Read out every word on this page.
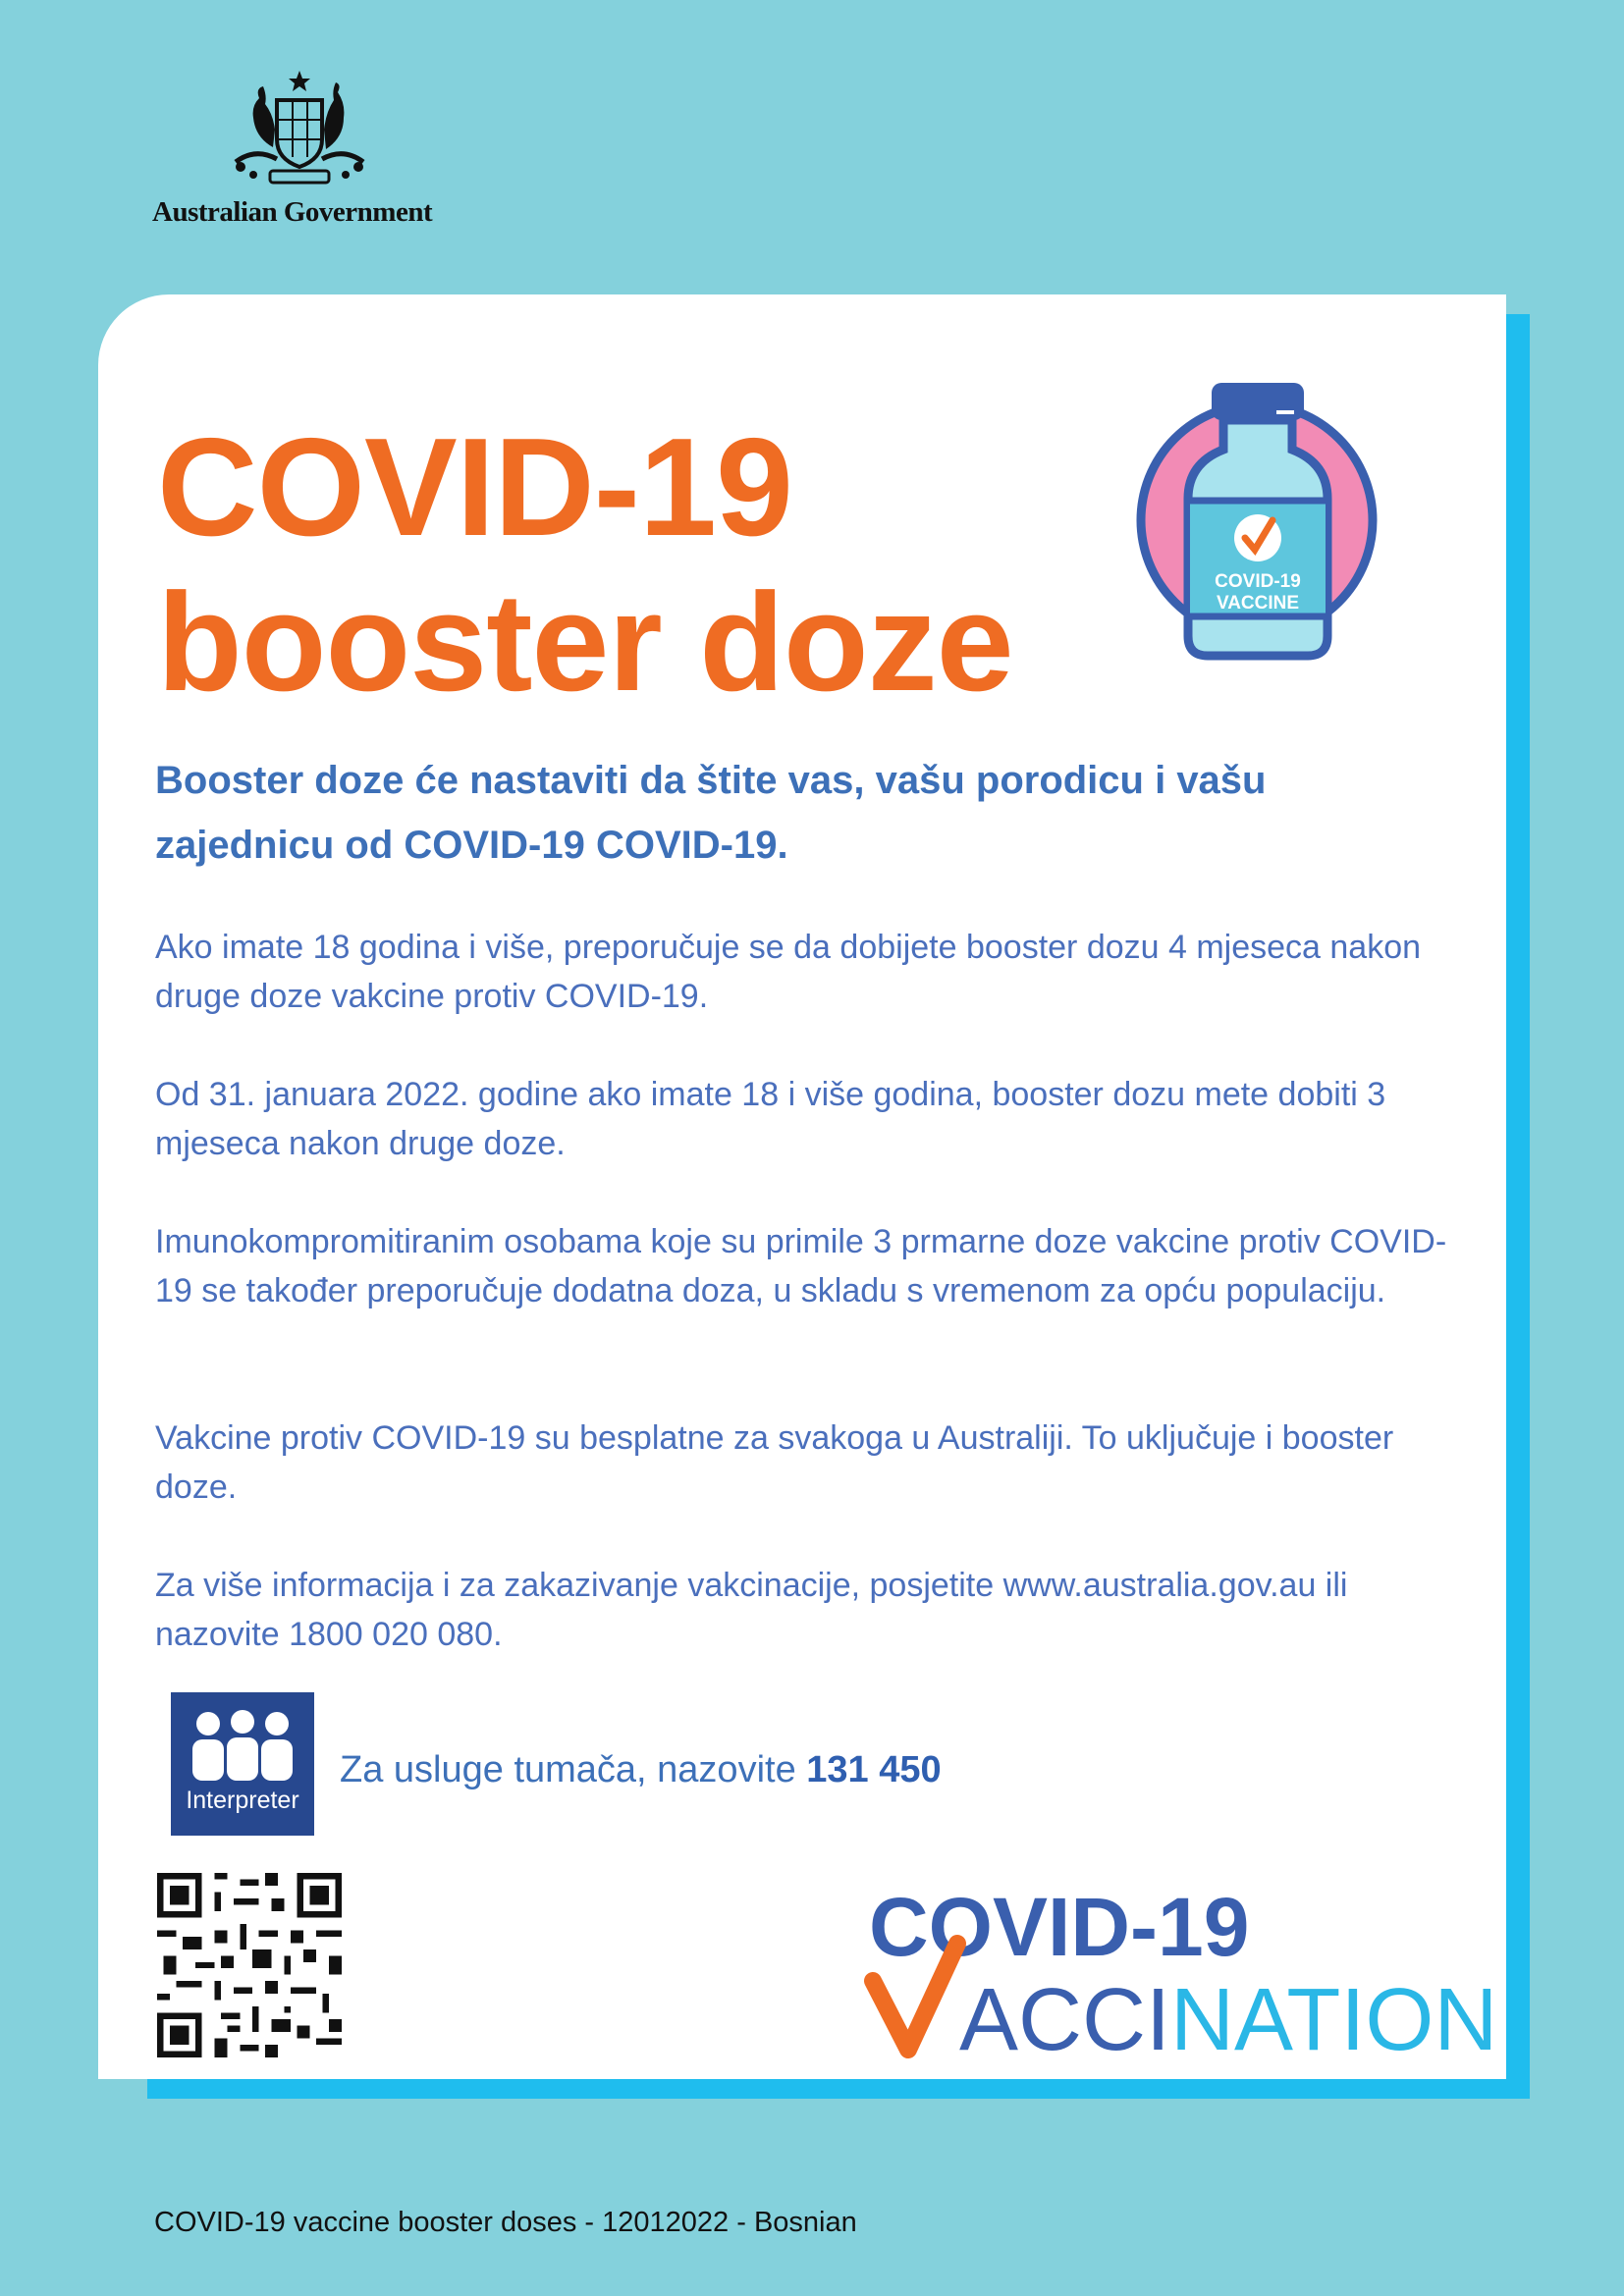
Australian Government
COVID-19
booster doze	COVID-19
VACCINE

Booster doze ćе nastaviti da štite vas, vašu porodicu i vašu zajednicu od COVID-19 COVID-19.

Ako imate 18 godina i više, preporučuje se da dobijete booster dozu 4 mjeseca nakon druge doze vakcine protiv COVID-19.

Od 31. januara 2022. godine ako imate 18 i više godina, booster dozu mete dobiti 3 mjeseca nakon druge doze.

Imunokompromitiranim osobama koje su primile 3 prmarne doze vakcine protiv COVID-19 se također preporučuje dodatna doza, u skladu s vremenom za opću populaciju.

Vakcine protiv COVID-19 su besplatne za svakoga u Australiji. To uključuje i booster doze.

Za više informacija i za zakazivanje vakcinacije, posjetite www.australia.gov.au ili nazovite 1800 020 080.

Interpreter
Za usluge tumača, nazovite 131 450
COVID-19
ACCINATION
COVID-19 vaccine booster doses - 12012022 - Bosnian
